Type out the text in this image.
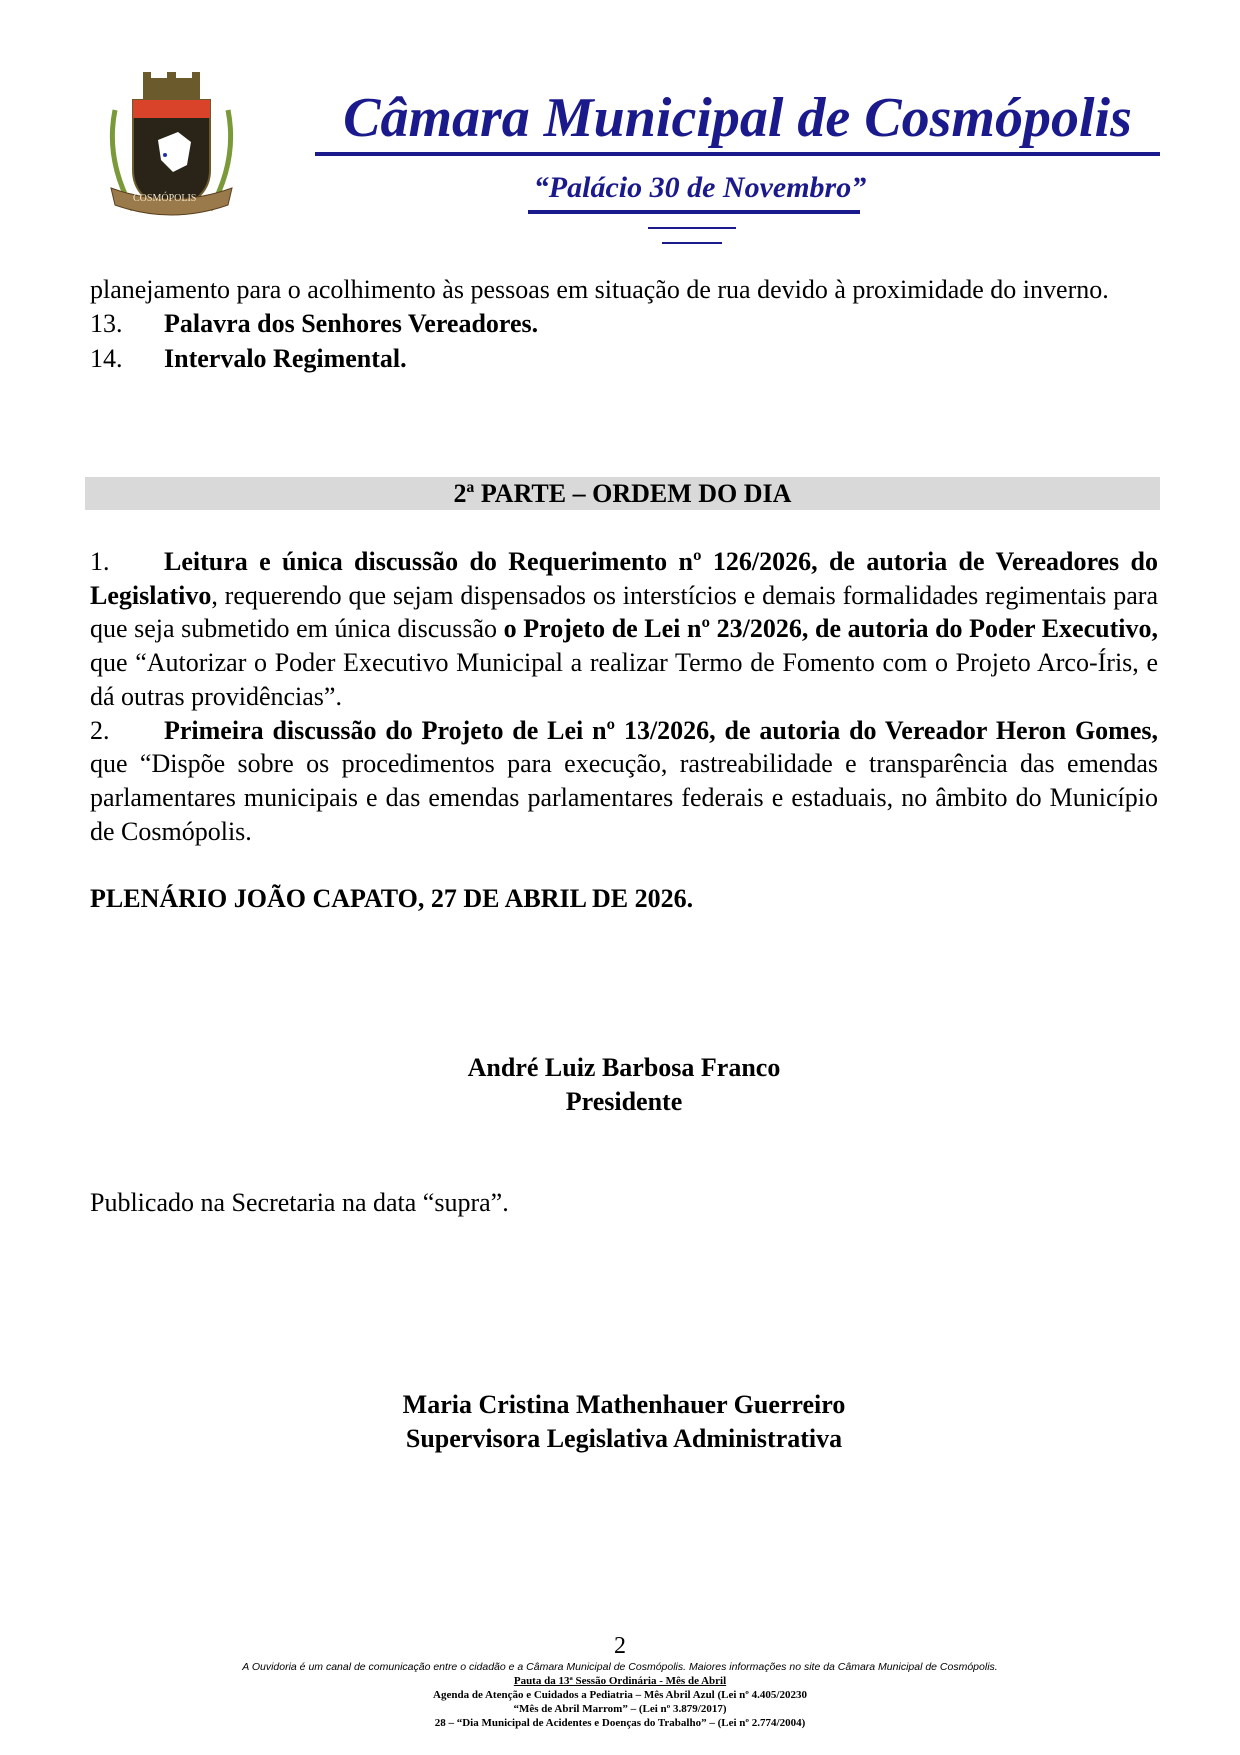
COSMÓPOLIS
Câmara Municipal de Cosmópolis
“Palácio 30 de Novembro”
planejamento para o acolhimento às pessoas em situação de rua devido à proximidade do inverno.
13. Palavra dos Senhores Vereadores.
14. Intervalo Regimental.
2ª PARTE – ORDEM DO DIA
1. Leitura e única discussão do Requerimento nº 126/2026, de autoria de Vereadores do Legislativo, requerendo que sejam dispensados os interstícios e demais formalidades regimentais para que seja submetido em única discussão o Projeto de Lei nº 23/2026, de autoria do Poder Executivo, que “Autorizar o Poder Executivo Municipal a realizar Termo de Fomento com o Projeto Arco-Íris, e dá outras providências”.
2. Primeira discussão do Projeto de Lei nº 13/2026, de autoria do Vereador Heron Gomes, que “Dispõe sobre os procedimentos para execução, rastreabilidade e transparência das emendas parlamentares municipais e das emendas parlamentares federais e estaduais, no âmbito do Município de Cosmópolis.
PLENÁRIO JOÃO CAPATO, 27 DE ABRIL DE 2026.
André Luiz Barbosa Franco
Presidente
Publicado na Secretaria na data “supra”.
Maria Cristina Mathenhauer Guerreiro
Supervisora Legislativa Administrativa
2
A Ouvidoria é um canal de comunicação entre o cidadão e a Câmara Municipal de Cosmópolis. Maiores informações no site da Câmara Municipal de Cosmópolis.
Pauta da 13ª Sessão Ordinária - Mês de Abril
Agenda de Atenção e Cuidados a Pediatria – Mês Abril Azul (Lei nº 4.405/20230
“Mês de Abril Marrom” – (Lei nº 3.879/2017)
28 – “Dia Municipal de Acidentes e Doenças do Trabalho” – (Lei nº 2.774/2004)
